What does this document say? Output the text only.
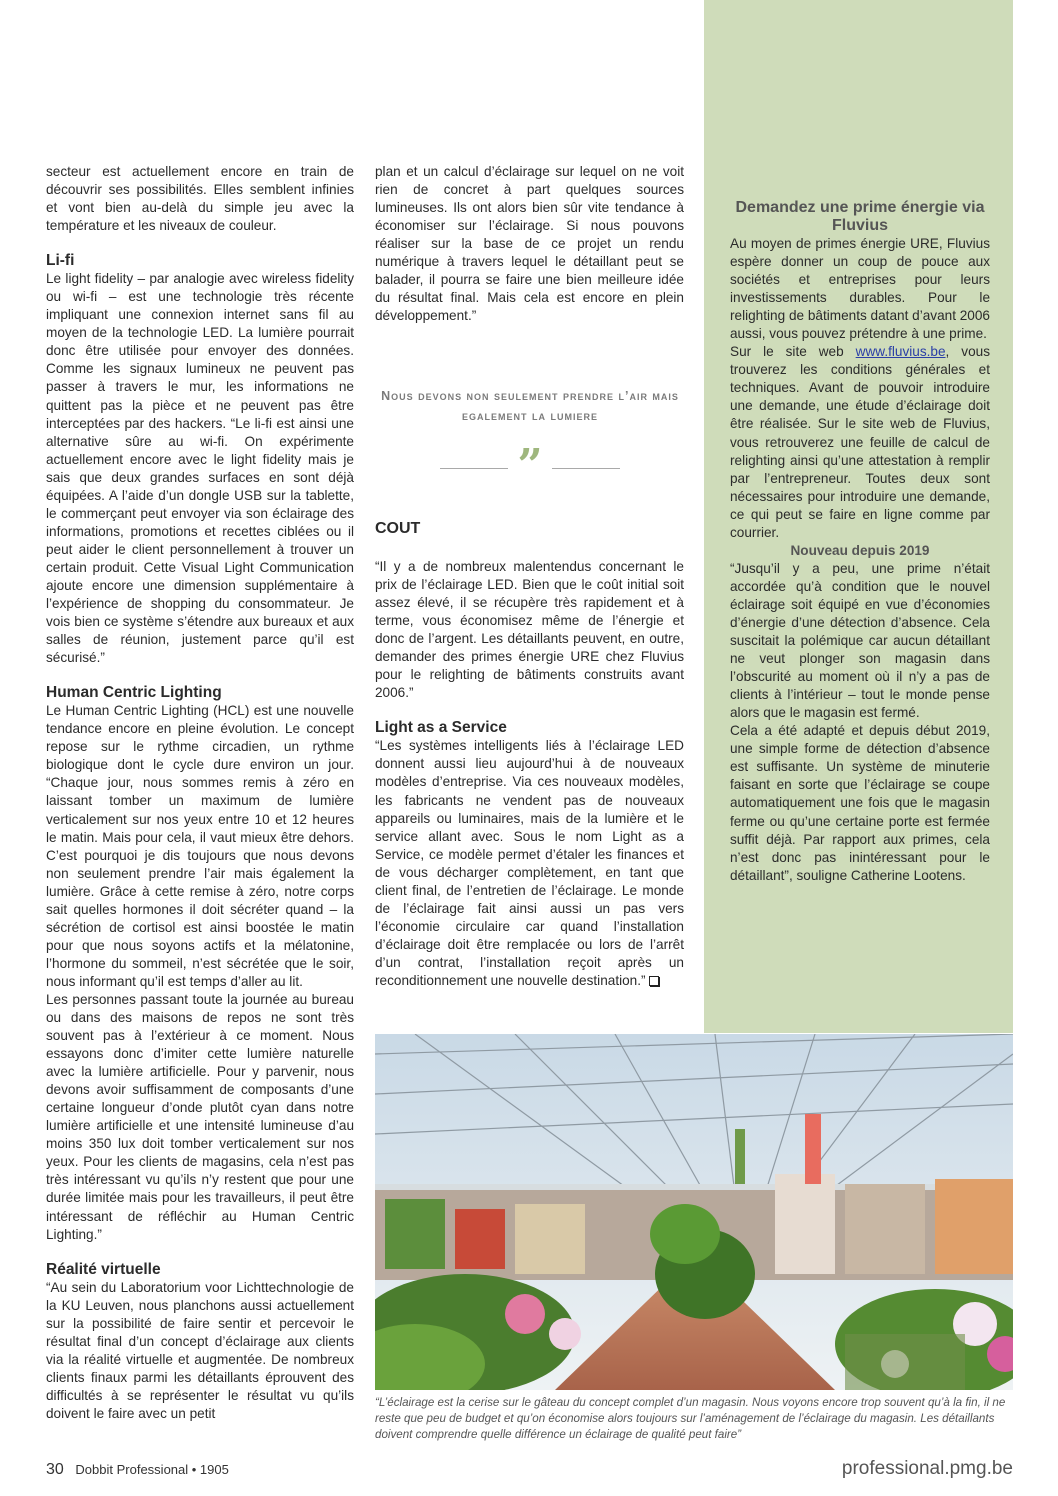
secteur est actuellement encore en train de découvrir ses possibilités. Elles semblent infinies et vont bien au-delà du simple jeu avec la température et les niveaux de couleur.

Li-fi

Le light fidelity – par analogie avec wireless fidelity ou wi-fi – est une technologie très récente impliquant une connexion internet sans fil au moyen de la technologie LED. La lumière pourrait donc être utilisée pour envoyer des données. Comme les signaux lumineux ne peuvent pas passer à travers le mur, les informations ne quittent pas la pièce et ne peuvent pas être interceptées par des hackers. “Le li-fi est ainsi une alternative sûre au wi-fi. On expérimente actuellement encore avec le light fidelity mais je sais que deux grandes surfaces en sont déjà équipées. A l’aide d’un dongle USB sur la tablette, le commerçant peut envoyer via son éclairage des informations, promotions et recettes ciblées ou il peut aider le client personnellement à trouver un certain produit. Cette Visual Light Communication ajoute encore une dimension supplémentaire à l’expérience de shopping du consommateur. Je vois bien ce système s’étendre aux bureaux et aux salles de réunion, justement parce qu’il est sécurisé.”

Human Centric Lighting

Le Human Centric Lighting (HCL) est une nouvelle tendance encore en pleine évolution. Le concept repose sur le rythme circadien, un rythme biologique dont le cycle dure environ un jour. “Chaque jour, nous sommes remis à zéro en laissant tomber un maximum de lumière verticalement sur nos yeux entre 10 et 12 heures le matin. Mais pour cela, il vaut mieux être dehors. C’est pourquoi je dis toujours que nous devons non seulement prendre l’air mais également la lumière. Grâce à cette remise à zéro, notre corps sait quelles hormones il doit sécréter quand – la sécrétion de cortisol est ainsi boostée le matin pour que nous soyons actifs et la mélatonine, l’hormone du sommeil, n’est sécrétée que le soir, nous informant qu’il est temps d’aller au lit.

Les personnes passant toute la journée au bureau ou dans des maisons de repos ne sont très souvent pas à l’extérieur à ce moment. Nous essayons donc d’imiter cette lumière naturelle avec la lumière artificielle. Pour y parvenir, nous devons avoir suffisamment de composants d’une certaine longueur d’onde plutôt cyan dans notre lumière artificielle et une intensité lumineuse d’au moins 350 lux doit tomber verticalement sur nos yeux. Pour les clients de magasins, cela n’est pas très intéressant vu qu’ils n’y restent que pour une durée limitée mais pour les travailleurs, il peut être intéressant de réfléchir au Human Centric Lighting.”

Réalité virtuelle

“Au sein du Laboratorium voor Lichttechnologie de la KU Leuven, nous planchons aussi actuellement sur la possibilité de faire sentir et percevoir le résultat final d’un concept d’éclairage aux clients via la réalité virtuelle et augmentée. De nombreux clients finaux parmi les détaillants éprouvent des difficultés à se représenter le résultat vu qu’ils doivent le faire avec un petit

plan et un calcul d’éclairage sur lequel on ne voit rien de concret à part quelques sources lumineuses. Ils ont alors bien sûr vite tendance à économiser sur l’éclairage. Si nous pouvons réaliser sur la base de ce projet un rendu numérique à travers lequel le détaillant peut se balader, il pourra se faire une bien meilleure idée du résultat final. Mais cela est encore en plein développement.”

Nous devons non seulement prendre l’air mais egalement la lumiere
”
COUT

“Il y a de nombreux malentendus concernant le prix de l’éclairage LED. Bien que le coût initial soit assez élevé, il se récupère très rapidement et à terme, vous économisez même de l’énergie et donc de l’argent. Les détaillants peuvent, en outre, demander des primes énergie URE chez Fluvius pour le relighting de bâtiments construits avant 2006.”

Light as a Service

“Les systèmes intelligents liés à l’éclairage LED donnent aussi lieu aujourd’hui à de nouveaux modèles d’entreprise. Via ces nouveaux modèles, les fabricants ne vendent pas de nouveaux appareils ou luminaires, mais de la lumière et le service allant avec. Sous le nom Light as a Service, ce modèle permet d’étaler les finances et de vous décharger complètement, en tant que client final, de l’entretien de l’éclairage. Le monde de l’éclairage fait ainsi aussi un pas vers l’économie circulaire car quand l’installation d’éclairage doit être remplacée ou lors de l’arrêt d’un contrat, l’installation reçoit après un reconditionnement une nouvelle destination.”

Demandez une prime énergie via Fluvius

Au moyen de primes énergie URE, Fluvius espère donner un coup de pouce aux sociétés et entreprises pour leurs investissements durables. Pour le relighting de bâtiments datant d’avant 2006 aussi, vous pouvez prétendre à une prime.

Sur le site web www.fluvius.be, vous trouverez les conditions générales et techniques. Avant de pouvoir introduire une demande, une étude d’éclairage doit être réalisée. Sur le site web de Fluvius, vous retrouverez une feuille de calcul de relighting ainsi qu’une attestation à remplir par l’entrepreneur. Toutes deux sont nécessaires pour introduire une demande, ce qui peut se faire en ligne comme par courrier.

Nouveau depuis 2019

“Jusqu’il y a peu, une prime n’était accordée qu’à condition que le nouvel éclairage soit équipé en vue d’économies d’énergie d’une détection d’absence. Cela suscitait la polémique car aucun détaillant ne veut plonger son magasin dans l’obscurité au moment où il n’y a pas de clients à l’intérieur – tout le monde pense alors que le magasin est fermé.

Cela a été adapté et depuis début 2019, une simple forme de détection d’absence est suffisante. Un système de minuterie faisant en sorte que l’éclairage se coupe automatiquement une fois que le magasin ferme ou qu’une certaine porte est fermée suffit déjà. Par rapport aux primes, cela n’est donc pas inintéressant pour le détaillant”, souligne Catherine Lootens.

“L’éclairage est la cerise sur le gâteau du concept complet d’un magasin. Nous voyons encore trop souvent qu’à la fin, il ne reste que peu de budget et qu’on économise alors toujours sur l’aménagement de l’éclairage du magasin. Les détaillants doivent comprendre quelle différence un éclairage de qualité peut faire”
30 Dobbit Professional • 1905	professional.pmg.be
